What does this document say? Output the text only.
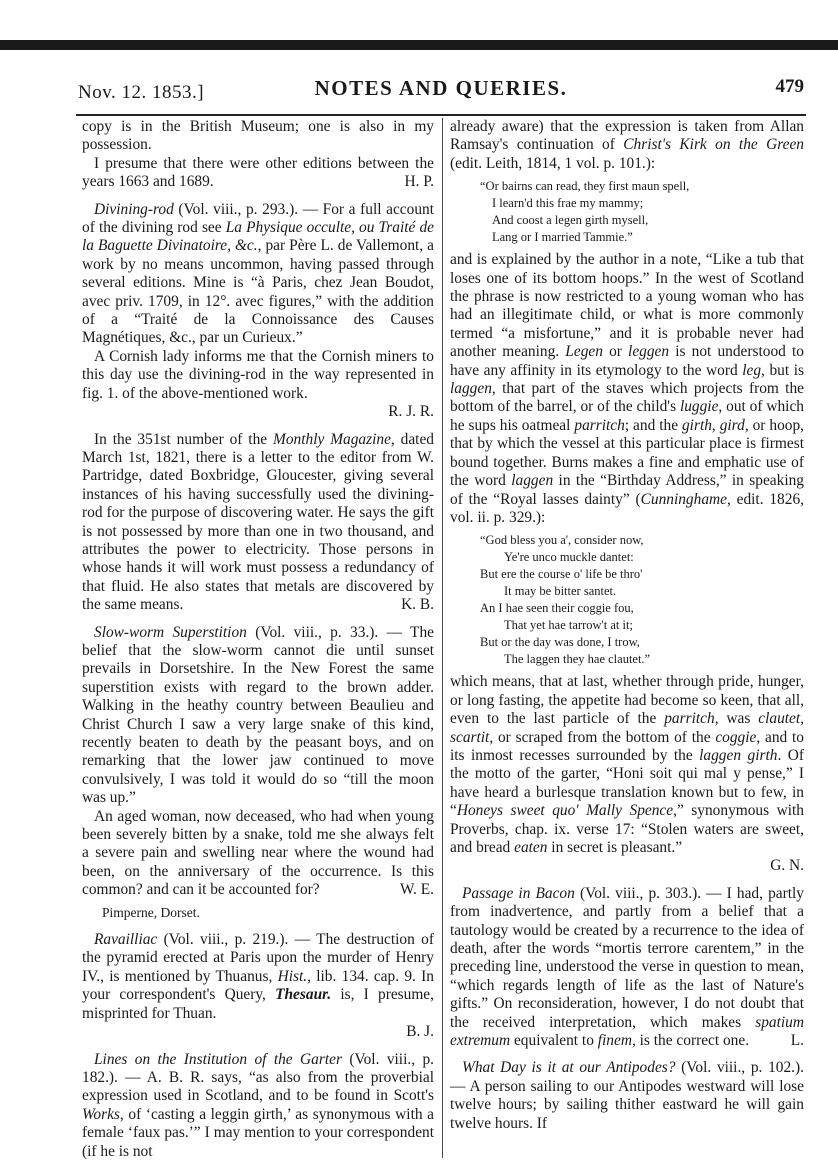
Nov. 12. 1853.]	NOTES AND QUERIES.	479

copy is in the British Museum; one is also in my possession.

I presume that there were other editions between the years 1663 and 1689.	H. P.

Divining-rod (Vol. viii., p. 293.). — For a full account of the divining rod see La Physique occulte, ou Traité de la Baguette Divinatoire, &c., par Père L. de Vallemont, a work by no means uncommon, having passed through several editions. Mine is “à Paris, chez Jean Boudot, avec priv. 1709, in 12°. avec figures,” with the addition of a “Traité de la Connoissance des Causes Magnétiques, &c., par un Curieux.”

A Cornish lady informs me that the Cornish miners to this day use the divining-rod in the way represented in fig. 1. of the above-mentioned work.

R. J. R.

In the 351st number of the Monthly Magazine, dated March 1st, 1821, there is a letter to the editor from W. Partridge, dated Boxbridge, Gloucester, giving several instances of his having successfully used the divining-rod for the purpose of discovering water. He says the gift is not possessed by more than one in two thousand, and attributes the power to electricity. Those persons in whose hands it will work must possess a redundancy of that fluid. He also states that metals are discovered by the same means.	K. B.

Slow-worm Superstition (Vol. viii., p. 33.). — The belief that the slow-worm cannot die until sunset prevails in Dorsetshire. In the New Forest the same superstition exists with regard to the brown adder. Walking in the heathy country between Beaulieu and Christ Church I saw a very large snake of this kind, recently beaten to death by the peasant boys, and on remarking that the lower jaw continued to move convulsively, I was told it would do so “till the moon was up.”

An aged woman, now deceased, who had when young been severely bitten by a snake, told me she always felt a severe pain and swelling near where the wound had been, on the anniversary of the occurrence. Is this common? and can it be accounted for?	W. E.

Pimperne, Dorset.

Ravailliac (Vol. viii., p. 219.). — The destruction of the pyramid erected at Paris upon the murder of Henry IV., is mentioned by Thuanus, Hist., lib. 134. cap. 9. In your correspondent's Query, Thesaur. is, I presume, misprinted for Thuan.

B. J.

Lines on the Institution of the Garter (Vol. viii., p. 182.). — A. B. R. says, “as also from the proverbial expression used in Scotland, and to be found in Scott's Works, of ‘casting a leggin girth,’ as synonymous with a female ‘faux pas.’” I may mention to your correspondent (if he is not

already aware) that the expression is taken from Allan Ramsay's continuation of Christ's Kirk on the Green (edit. Leith, 1814, 1 vol. p. 101.):

“Or bairns can read, they first maun spell,
I learn'd this frae my mammy;
And coost a legen girth mysell,
Lang or I married Tammie.”

and is explained by the author in a note, “Like a tub that loses one of its bottom hoops.” In the west of Scotland the phrase is now restricted to a young woman who has had an illegitimate child, or what is more commonly termed “a misfortune,” and it is probable never had another meaning. Legen or leggen is not understood to have any affinity in its etymology to the word leg, but is laggen, that part of the staves which projects from the bottom of the barrel, or of the child's luggie, out of which he sups his oatmeal parritch; and the girth, gird, or hoop, that by which the vessel at this particular place is firmest bound together. Burns makes a fine and emphatic use of the word laggen in the “Birthday Address,” in speaking of the “Royal lasses dainty” (Cunninghame, edit. 1826, vol. ii. p. 329.):

“God bless you a', consider now,
Ye're unco muckle dantet:
But ere the course o' life be thro'
It may be bitter santet.
An I hae seen their coggie fou,
That yet hae tarrow't at it;
But or the day was done, I trow,
The laggen they hae clautet.”

which means, that at last, whether through pride, hunger, or long fasting, the appetite had become so keen, that all, even to the last particle of the parritch, was clautet, scartit, or scraped from the bottom of the coggie, and to its inmost recesses surrounded by the laggen girth. Of the motto of the garter, “Honi soit qui mal y pense,” I have heard a burlesque translation known but to few, in “Honeys sweet quo' Mally Spence,” synonymous with Proverbs, chap. ix. verse 17: “Stolen waters are sweet, and bread eaten in secret is pleasant.”

G. N.

Passage in Bacon (Vol. viii., p. 303.). — I had, partly from inadvertence, and partly from a belief that a tautology would be created by a recurrence to the idea of death, after the words “mortis terrore carentem,” in the preceding line, understood the verse in question to mean, “which regards length of life as the last of Nature's gifts.” On reconsideration, however, I do not doubt that the received interpretation, which makes spatium extremum equivalent to finem, is the correct one.	L.

What Day is it at our Antipodes? (Vol. viii., p. 102.). — A person sailing to our Antipodes westward will lose twelve hours; by sailing thither eastward he will gain twelve hours. If
